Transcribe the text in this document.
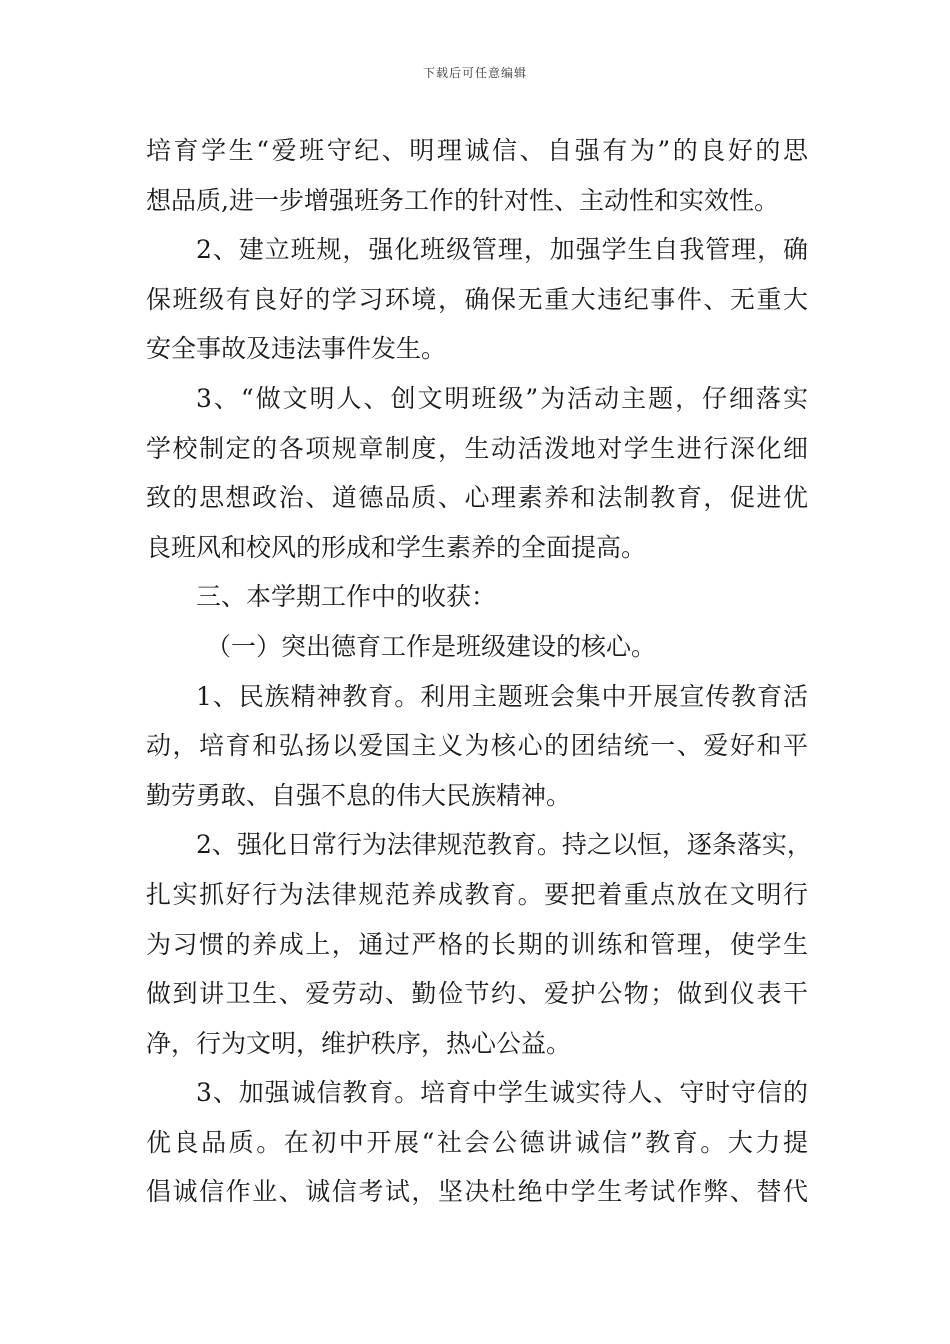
下载后可任意编辑
培育学生“爱班守纪、明理诚信、自强有为”的良好的思
想品质,进一步增强班务工作的针对性、主动性和实效性。
2、建立班规，强化班级管理，加强学生自我管理，确
保班级有良好的学习环境，确保无重大违纪事件、无重大
安全事故及违法事件发生。
3、“做文明人、创文明班级”为活动主题，仔细落实
学校制定的各项规章制度，生动活泼地对学生进行深化细
致的思想政治、道德品质、心理素养和法制教育，促进优
良班风和校风的形成和学生素养的全面提高。
三、本学期工作中的收获：
（一）突出德育工作是班级建设的核心。
1、民族精神教育。利用主题班会集中开展宣传教育活
动，培育和弘扬以爱国主义为核心的团结统一、爱好和平
勤劳勇敢、自强不息的伟大民族精神。
2、强化日常行为法律规范教育。持之以恒，逐条落实，
扎实抓好行为法律规范养成教育。要把着重点放在文明行
为习惯的养成上，通过严格的长期的训练和管理，使学生
做到讲卫生、爱劳动、勤俭节约、爱护公物；做到仪表干
净，行为文明，维护秩序，热心公益。
3、加强诚信教育。培育中学生诚实待人、守时守信的
优良品质。在初中开展“社会公德讲诚信”教育。大力提
倡诚信作业、诚信考试，坚决杜绝中学生考试作弊、替代
